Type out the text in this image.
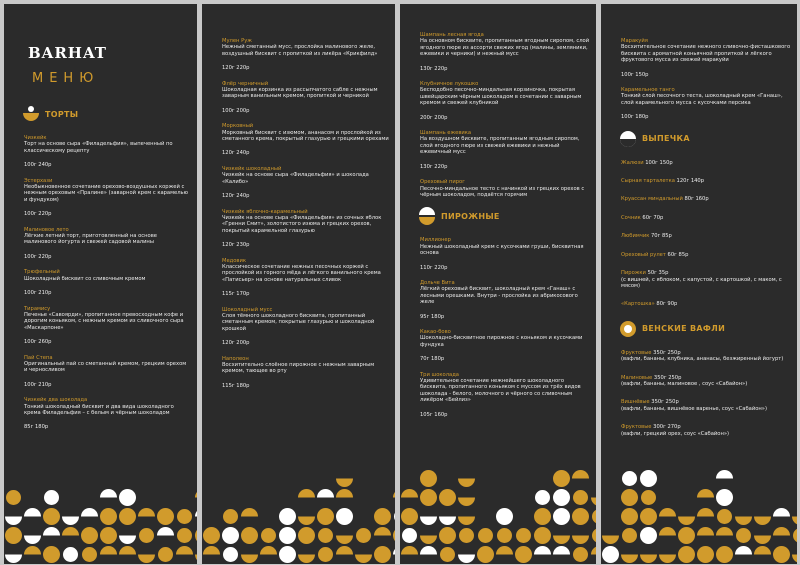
BARHAT
МЕНЮ
ТОРТЫ
Чизкейк
Торт на основе сыра «Филадельфия», выпеченный по классическому рецепту
100г 240р
Эстерхази
Необыкновенное сочетание орехово-воздушных коржей с нежным ореховым «Пралине» (заварной крем с карамелью и фундуком)
100г 220р
Малиновое лето
Лёгкие летний торт, приготовленный на основе малинового йогурта и свежей садовой малины
100г 220р
Трюфельный
Шоколадный бисквит со сливочным кремом
100г 210р
Тирамису
Печенье «Савоярди», пропитанное превосходным кофе и дорогим коньяком, с нежным кремом из сливочного сыра «Маскарпоне»
100г 260р
Пай Степа
Оригинальный пай со сметанный кремом, грецким орехом и черносливом
100г 210р
Чизкейк два шоколада
Тонкий шоколадный бисквит и два вида шоколадного крема Филадельфия – с белым и чёрным шоколадом
85г 180р
Мулен Руж
Нежный сметанный мусс, прослойка малинового желе, воздушный бисквит с пропиткой из ликёра «Крикфилд»
120г 220р
Флёр черничный
Шоколадная корзинка из рассыпчатого сабле с нежным заварным ванильным кремом, пропиткой и черникой
100г 200р
Морковный
Морковный бисквит с изюмом, ананасом и прослойкой из сметанного крема, покрытый глазурью и грецкими орехами
120г 240р
Чизкейк шоколадный
Чизкейк на основе сыра «Филадельфия» и шоколада «Калибо»
120г 240р
Чизкейк яблочно-карамельный
Чизкейк на основе сыра «Филадельфия» из сочных яблок «Гренни Смит», золотистого изюма и грецких орехов, покрытый карамельной глазурью
120г 230р
Медовик
Классическое сочетание нежных песочных коржей с прослойкой из горного мёда и лёгкого ванильного крема «Патисьер» на основе натуральных сливок
115г 170р
Шоколадный мусс
Слоя тёмного шоколадного бисквита, пропитанный сметанным кремом, покрытые глазурью и шоколадной крошкой
120г 200р
Наполеон
Восхитительно слоёное пирожное с нежным заварным кремом, тающее во рту
115г 180р
Шампань лесная ягода
На основном бисквите, пропитанным ягодным сиропом, слой ягодного пюре из ассорти свежих ягод (малины, земляники, ежевики и черники) и нежный мусс
130г 220р
Клубничное лукошко
Бесподобно песочно-миндальная корзиночка, покрытая швейцарским чёрным шоколадом в сочетании с заварным кремом и свежей клубникой
200г 200р
Шампань ежевика
На воздушном бисквите, пропитанным ягодным сиропом, слой ягодного пюре из свежей ежевики и нежный ежевичный мусс
130г 220р
Ореховый пирог
Песочно-миндальное тесто с начинкой из грецких орехов с чёрным шоколадом, подаётся горячим
ПИРОЖНЫЕ
Миллионер
Нежный шоколадный крем с кусочками груши, бисквитная основа
110г 220р
Дольче Вита
Лёгкий ореховый бисквит, шоколадный крем «Ганаш» с лесными орешками. Внутри - прослойка из абрикосового желе
95г 180р
Какао-бово
Шоколадно-бисквитное пирожное с коньяком и кусочками фундука
70г 180р
Три шоколада
Удивительное сочетание нежнейшего шоколадного бисквита, пропитанного коньяком с муссом из трёх видов шоколада - белого, молочного и чёрного со сливочным ликёром «Бейлиз»
105г 160р
Маракуйя
Восхитительное сочетание нежного сливочно-фисташкового бисквита с ароматной коньячной пропиткой и лёгкого фруктового мусса из свежей маракуйи
100г 150р
Карамельное танго
Тонкий слой песочного теста, шоколадный крем «Ганаш», слой карамельного мусса с кусочками персика
100г 180р
ВЫПЕЧКА
Жалюзи 100г 150р
Сырная тарталетка 120г 140р
Круассан миндальный 80г 160р
Сочник 60г 70р
Любимчик 70г 85р
Ореховый рулет 60г 85р
Пирожки 50г 35р
(с вишней, с яблоком, с капустой, с картошкой, с маком, с мясом)
«Картошка» 80г 90р
ВЕНСКИЕ ВАФЛИ
Фруктовые 350г 250р
(вафли, бананы, клубника, ананасы, безжиренный йогурт)
Малиновые 350г 250р
(вафли, бананы, малиновое , соус «Сабайон»)
Вишнёвые 350г 250р
(вафли, бананы, вишнёвое варенье, соус «Сабайон»)
Фруктовые 300г 270р
(вафли, грецкий орех, соус «Сабайон»)
